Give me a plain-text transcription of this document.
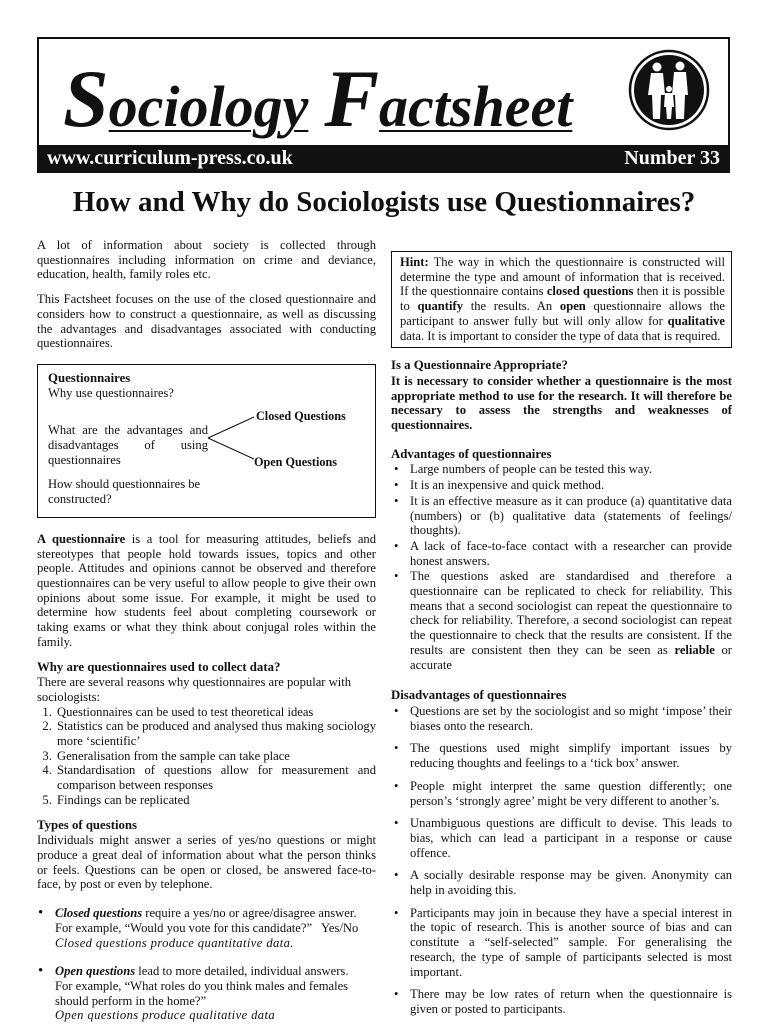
Sociology Factsheet
www.curriculum-press.co.uk	Number 33
How and Why do Sociologists use Questionnaires?

A lot of information about society is collected through questionnaires including information on crime and deviance, education, health, family roles etc.

This Factsheet focuses on the use of the closed questionnaire and considers how to construct a questionnaire, as well as discussing the advantages and disadvantages associated with conducting questionnaires.

Questionnaires
Why use questionnaires?
What are the advantages and disadvantages of using questionnaires
How should questionnaires be constructed?
Closed Questions
Open Questions

A questionnaire is a tool for measuring attitudes, beliefs and stereotypes that people hold towards issues, topics and other people. Attitudes and opinions cannot be observed and therefore questionnaires can be very useful to allow people to give their own opinions about some issue. For example, it might be used to determine how students feel about completing coursework or taking exams or what they think about conjugal roles within the family.

Why are questionnaires used to collect data?
There are several reasons why questionnaires are popular with sociologists:
1. Questionnaires can be used to test theoretical ideas
2. Statistics can be produced and analysed thus making sociology more ‘scientific’
3. Generalisation from the sample can take place
4. Standardisation of questions allow for measurement and comparison between responses
5. Findings can be replicated
Types of questions

Individuals might answer a series of yes/no questions or might produce a great deal of information about what the person thinks or feels. Questions can be open or closed, be answered face-to-face, by post or even by telephone.

• Closed questions require a yes/no or agree/disagree answer.
For example, “Would you vote for this candidate?”   Yes/No
Closed questions produce quantitative data.
• Open questions lead to more detailed, individual answers.
For example, “What roles do you think males and females should perform in the home?”
Open questions produce qualitative data
Hint: The way in which the questionnaire is constructed will determine the type and amount of information that is received. If the questionnaire contains closed questions then it is possible to quantify the results. An open questionnaire allows the participant to answer fully but will only allow for qualitative data. It is important to consider the type of data that is required.
Is a Questionnaire Appropriate?

It is necessary to consider whether a questionnaire is the most appropriate method to use for the research. It will therefore be necessary to assess the strengths and weaknesses of questionnaires.

Advantages of questionnaires
• Large numbers of people can be tested this way.
• It is an inexpensive and quick method.
• It is an effective measure as it can produce (a) quantitative data (numbers) or (b) qualitative data (statements of feelings/ thoughts).
• A lack of face-to-face contact with a researcher can provide honest answers.
• The questions asked are standardised and therefore a questionnaire can be replicated to check for reliability. This means that a second sociologist can repeat the questionnaire to check for reliability. Therefore, a second sociologist can repeat the questionnaire to check that the results are consistent. If the results are consistent then they can be seen as reliable or accurate
Disadvantages of questionnaires
• Questions are set by the sociologist and so might ‘impose’ their biases onto the research.
• The questions used might simplify important issues by reducing thoughts and feelings to a ‘tick box’ answer.
• People might interpret the same question differently; one person’s ‘strongly agree’ might be very different to another’s.
• Unambiguous questions are difficult to devise. This leads to bias, which can lead a participant in a response or cause offence.
• A socially desirable response may be given. Anonymity can help in avoiding this.
• Participants may join in because they have a special interest in the topic of research. This is another source of bias and can constitute a “self-selected” sample. For generalising the research, the type of sample of participants selected is most important.
• There may be low rates of return when the questionnaire is given or posted to participants.
